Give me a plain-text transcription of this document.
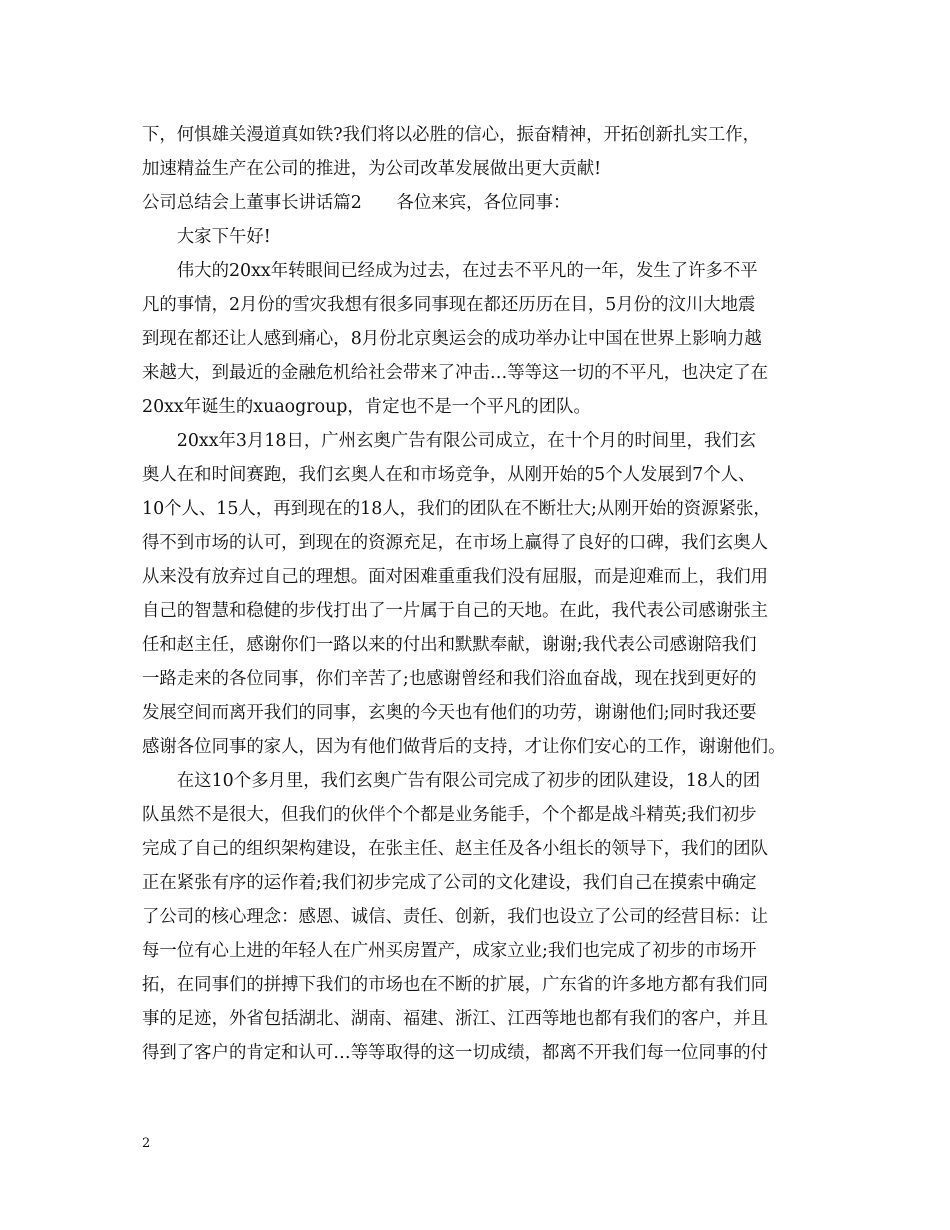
下，何惧雄关漫道真如铁?我们将以必胜的信心，振奋精神，开拓创新扎实工作，
加速精益生产在公司的推进，为公司改革发展做出更大贡献!
公司总结会上董事长讲话篇2　　各位来宾，各位同事：
　　大家下午好!
　　伟大的20xx年转眼间已经成为过去，在过去不平凡的一年，发生了许多不平
凡的事情，2月份的雪灾我想有很多同事现在都还历历在目，5月份的汶川大地震
到现在都还让人感到痛心，8月份北京奥运会的成功举办让中国在世界上影响力越
来越大，到最近的金融危机给社会带来了冲击…等等这一切的不平凡，也决定了在
20xx年诞生的xuaogroup，肯定也不是一个平凡的团队。
　　20xx年3月18日，广州玄奥广告有限公司成立，在十个月的时间里，我们玄
奥人在和时间赛跑，我们玄奥人在和市场竞争，从刚开始的5个人发展到7个人、
10个人、15人，再到现在的18人，我们的团队在不断壮大;从刚开始的资源紧张，
得不到市场的认可，到现在的资源充足，在市场上赢得了良好的口碑，我们玄奥人
从来没有放弃过自己的理想。面对困难重重我们没有屈服，而是迎难而上，我们用
自己的智慧和稳健的步伐打出了一片属于自己的天地。在此，我代表公司感谢张主
任和赵主任，感谢你们一路以来的付出和默默奉献，谢谢;我代表公司感谢陪我们
一路走来的各位同事，你们辛苦了;也感谢曾经和我们浴血奋战，现在找到更好的
发展空间而离开我们的同事，玄奥的今天也有他们的功劳，谢谢他们;同时我还要
感谢各位同事的家人，因为有他们做背后的支持，才让你们安心的工作，谢谢他们。
　　在这10个多月里，我们玄奥广告有限公司完成了初步的团队建设，18人的团
队虽然不是很大，但我们的伙伴个个都是业务能手，个个都是战斗精英;我们初步
完成了自己的组织架构建设，在张主任、赵主任及各小组长的领导下，我们的团队
正在紧张有序的运作着;我们初步完成了公司的文化建设，我们自己在摸索中确定
了公司的核心理念：感恩、诚信、责任、创新，我们也设立了公司的经营目标：让
每一位有心上进的年轻人在广州买房置产，成家立业;我们也完成了初步的市场开
拓，在同事们的拼搏下我们的市场也在不断的扩展，广东省的许多地方都有我们同
事的足迹，外省包括湖北、湖南、福建、浙江、江西等地也都有我们的客户，并且
得到了客户的肯定和认可…等等取得的这一切成绩，都离不开我们每一位同事的付
2
